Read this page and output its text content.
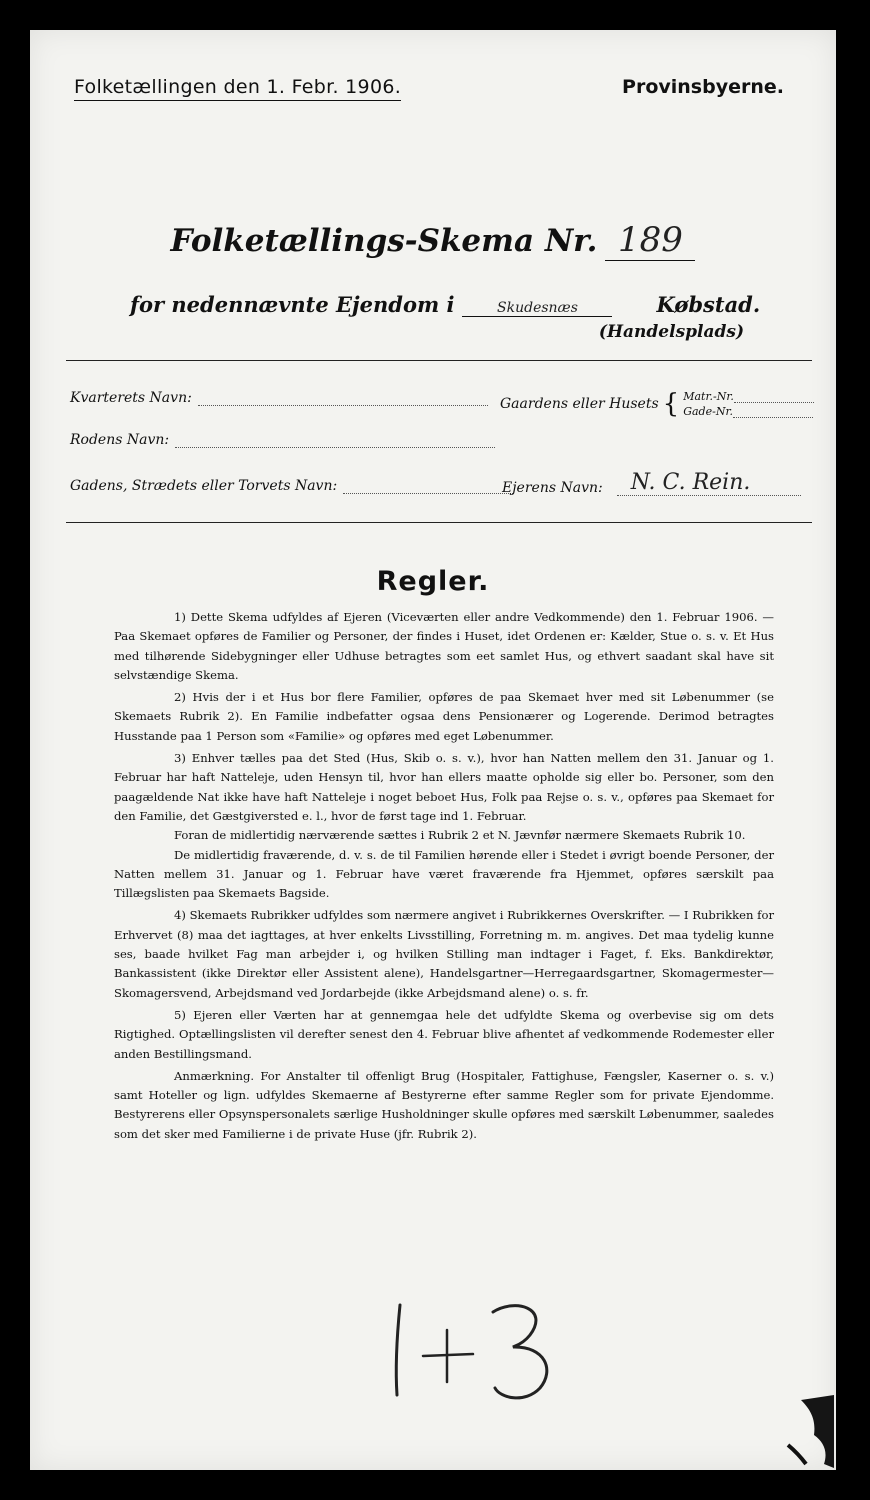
Folketællingen den 1. Febr. 1906.	Provinsbyerne.
Folketællings-Skema Nr. 189
for nedennævnte Ejendom i	Skudesnæs	Købstad.
(Handelsplads)
Kvarterets Navn:	Gaardens eller Husets { Matr.-Nr.
Gade-Nr.
Rodens Navn:
Gadens, Strædets eller Torvets Navn:	Ejerens Navn:	N. C. Rein.
Regler.

1) Dette Skema udfyldes af Ejeren (Viceværten eller andre Vedkommende) den 1. Februar 1906. — Paa Skemaet opføres de Familier og Personer, der findes i Huset, idet Ordenen er: Kælder, Stue o. s. v. Et Hus med tilhørende Sidebygninger eller Udhuse betragtes som eet samlet Hus, og ethvert saadant skal have sit selvstændige Skema.

2) Hvis der i et Hus bor flere Familier, opføres de paa Skemaet hver med sit Løbenummer (se Skemaets Rubrik 2). En Familie indbefatter ogsaa dens Pensionærer og Logerende. Derimod betragtes Husstande paa 1 Person som «Familie» og opføres med eget Løbenummer.

3) Enhver tælles paa det Sted (Hus, Skib o. s. v.), hvor han Natten mellem den 31. Januar og 1. Februar har haft Natteleje, uden Hensyn til, hvor han ellers maatte opholde sig eller bo. Personer, som den paagældende Nat ikke have haft Natteleje i noget beboet Hus, Folk paa Rejse o. s. v., opføres paa Skemaet for den Familie, det Gæstgiversted e. l., hvor de først tage ind 1. Februar.

Foran de midlertidig nærværende sættes i Rubrik 2 et N. Jævnfør nærmere Skemaets Rubrik 10.

De midlertidig fraværende, d. v. s. de til Familien hørende eller i Stedet i øvrigt boende Personer, der Natten mellem 31. Januar og 1. Februar have været fraværende fra Hjemmet, opføres særskilt paa Tillægslisten paa Skemaets Bagside.

4) Skemaets Rubrikker udfyldes som nærmere angivet i Rubrikkernes Overskrifter. — I Rubrikken for Erhvervet (8) maa det iagttages, at hver enkelts Livsstilling, Forretning m. m. angives. Det maa tydelig kunne ses, baade hvilket Fag man arbejder i, og hvilken Stilling man indtager i Faget, f. Eks. Bankdirektør, Bankassistent (ikke Direktør eller Assistent alene), Handelsgartner—Herregaardsgartner, Skomagermester—Skomagersvend, Arbejdsmand ved Jordarbejde (ikke Arbejdsmand alene) o. s. fr.

5) Ejeren eller Værten har at gennemgaa hele det udfyldte Skema og overbevise sig om dets Rigtighed. Optællingslisten vil derefter senest den 4. Februar blive afhentet af vedkommende Rodemester eller anden Bestillingsmand.

Anmærkning. For Anstalter til offenligt Brug (Hospitaler, Fattighuse, Fængsler, Kaserner o. s. v.) samt Hoteller og lign. udfyldes Skemaerne af Bestyrerne efter samme Regler som for private Ejendomme. Bestyrerens eller Opsynspersonalets særlige Husholdninger skulle opføres med særskilt Løbenummer, saaledes som det sker med Familierne i de private Huse (jfr. Rubrik 2).
